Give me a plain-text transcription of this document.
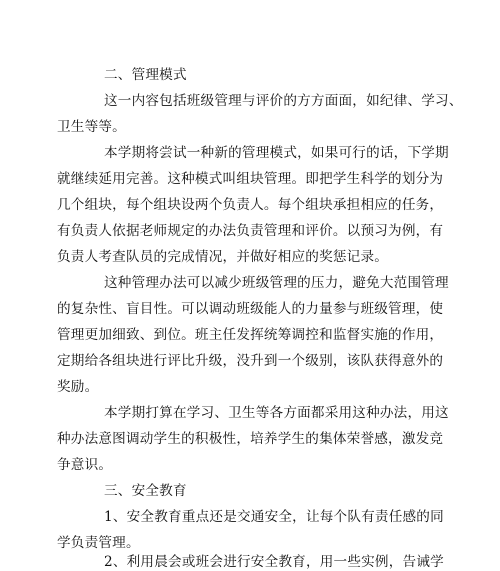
二、管理模式
这一内容包括班级管理与评价的方方面面，如纪律、学习、
卫生等等。
本学期将尝试一种新的管理模式，如果可行的话，下学期
就继续延用完善。这种模式叫组块管理。即把学生科学的划分为
几个组块，每个组块设两个负责人。每个组块承担相应的任务，
有负责人依据老师规定的办法负责管理和评价。以预习为例，有
负责人考查队员的完成情况，并做好相应的奖惩记录。
这种管理办法可以减少班级管理的压力，避免大范围管理
的复杂性、盲目性。可以调动班级能人的力量参与班级管理，使
管理更加细致、到位。班主任发挥统筹调控和监督实施的作用，
定期给各组块进行评比升级，没升到一个级别，该队获得意外的
奖励。
本学期打算在学习、卫生等各方面都采用这种办法，用这
种办法意图调动学生的积极性，培养学生的集体荣誉感，激发竞
争意识。
三、安全教育
1、安全教育重点还是交通安全，让每个队有责任感的同
学负责管理。
2、利用晨会或班会进行安全教育，用一些实例，告诫学
